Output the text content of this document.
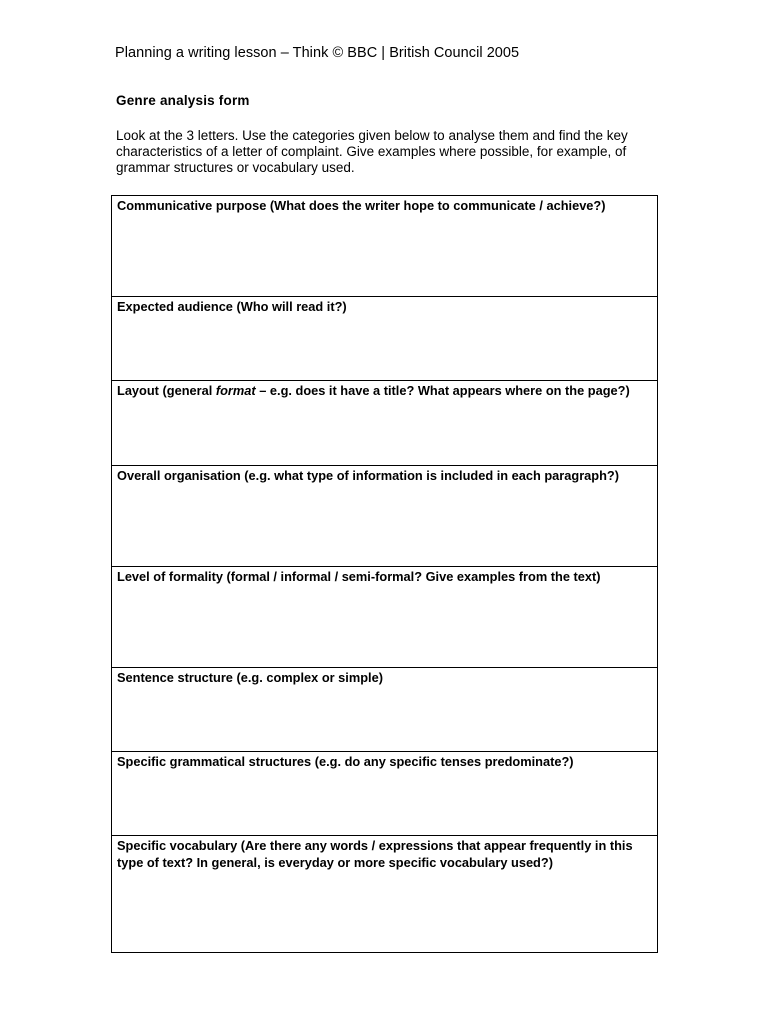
Planning a writing lesson – Think © BBC | British Council 2005
Genre analysis form

Look at the 3 letters. Use the categories given below to analyse them and find the key characteristics of a letter of complaint. Give examples where possible, for example, of grammar structures or vocabulary used.

Communicative purpose (What does the writer hope to communicate / achieve?)
Expected audience (Who will read it?)
Layout (general format – e.g. does it have a title? What appears where on the page?)
Overall organisation (e.g. what type of information is included in each paragraph?)
Level of formality (formal / informal / semi-formal? Give examples from the text)
Sentence structure (e.g. complex or simple)
Specific grammatical structures (e.g. do any specific tenses predominate?)
Specific vocabulary (Are there any words / expressions that appear frequently in this type of text? In general, is everyday or more specific vocabulary used?)
